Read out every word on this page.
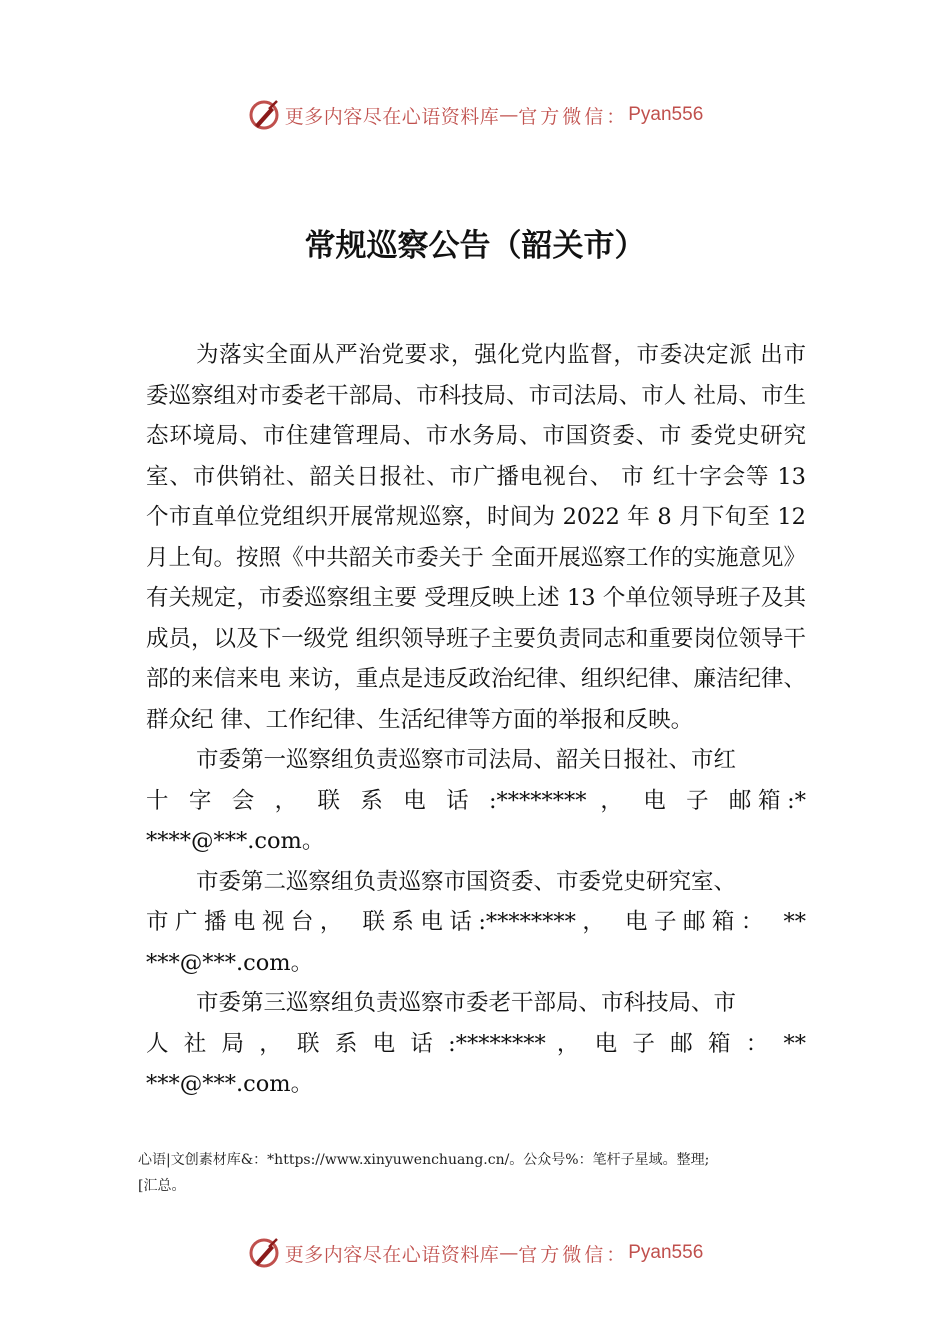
更多内容尽在心语资料库 — 官方微信： Pyan556
常规巡察公告（韶关市）

为落实全面从严治党要求，强化党内监督，市委决定派 出市委巡察组对市委老干部局、市科技局、市司法局、市人 社局、市生态环境局、市住建管理局、市水务局、市国资委、市 委党史研究室、市供销社、韶关日报社、市广播电视台、 市 红十字会等 13 个市直单位党组织开展常规巡察，时间为 2022 年 8 月下旬至 12 月上旬。按照《中共韶关市委关于 全面开展巡察工作的实施意见》有关规定，市委巡察组主要 受理反映上述 13 个单位领导班子及其成员，以及下一级党 组织领导班子主要负责同志和重要岗位领导干部的来信来电 来访，重点是违反政治纪律、组织纪律、廉洁纪律、群众纪 律、工作纪律、生活纪律等方面的举报和反映。

市委第一巡察组负责巡察市司法局、韶关日报社、市红

十 字 会 ， 联 系 电 话 :******** ， 电 子 邮箱:*
****@***.com。

市委第二巡察组负责巡察市国资委、市委党史研究室、

市广播电视台， 联系电话:********， 电子邮箱： **
***@***.com。

市委第三巡察组负责巡察市委老干部局、市科技局、市

人 社 局 ， 联 系 电 话 :******** ， 电 子 邮 箱 ： **
***@***.com。

心语|文创素材库&：*https://www.xinyuwenchuang.cn/。公众号%：笔杆子星域。整理;
[汇总。
更多内容尽在心语资料库 — 官方微信： Pyan556
